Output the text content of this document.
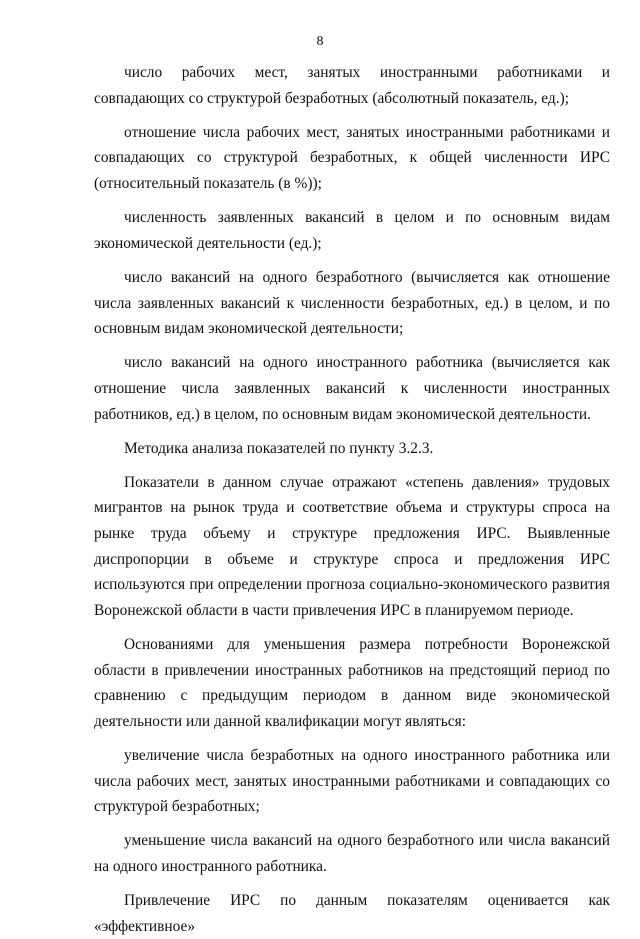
8

число рабочих мест, занятых иностранными работниками и совпадающих со структурой безработных (абсолютный показатель, ед.);

отношение числа рабочих мест, занятых иностранными работниками и совпадающих со структурой безработных, к общей численности ИРС (относительный показатель (в %));

численность заявленных вакансий в целом и по основным видам экономической деятельности (ед.);

число вакансий на одного безработного (вычисляется как отношение числа заявленных вакансий к численности безработных, ед.) в целом, и по основным видам экономической деятельности;

число вакансий на одного иностранного работника (вычисляется как отношение числа заявленных вакансий к численности иностранных работников, ед.) в целом, по основным видам экономической деятельности.

Методика анализа показателей по пункту 3.2.3.

Показатели в данном случае отражают «степень давления» трудовых мигрантов на рынок труда и соответствие объема и структуры спроса на рынке труда объему и структуре предложения ИРС. Выявленные диспропорции в объеме и структуре спроса и предложения ИРС используются при определении прогноза социально-экономического развития Воронежской области в части привлечения ИРС в планируемом периоде.

Основаниями для уменьшения размера потребности Воронежской области в привлечении иностранных работников на предстоящий период по сравнению с предыдущим периодом в данном виде экономической деятельности или данной квалификации могут являться:

увеличение числа безработных на одного иностранного работника или числа рабочих мест, занятых иностранными работниками и совпадающих со структурой безработных;

уменьшение числа вакансий на одного безработного или числа вакансий на одного иностранного работника.

Привлечение ИРС по данным показателям оценивается как «эффективное»
